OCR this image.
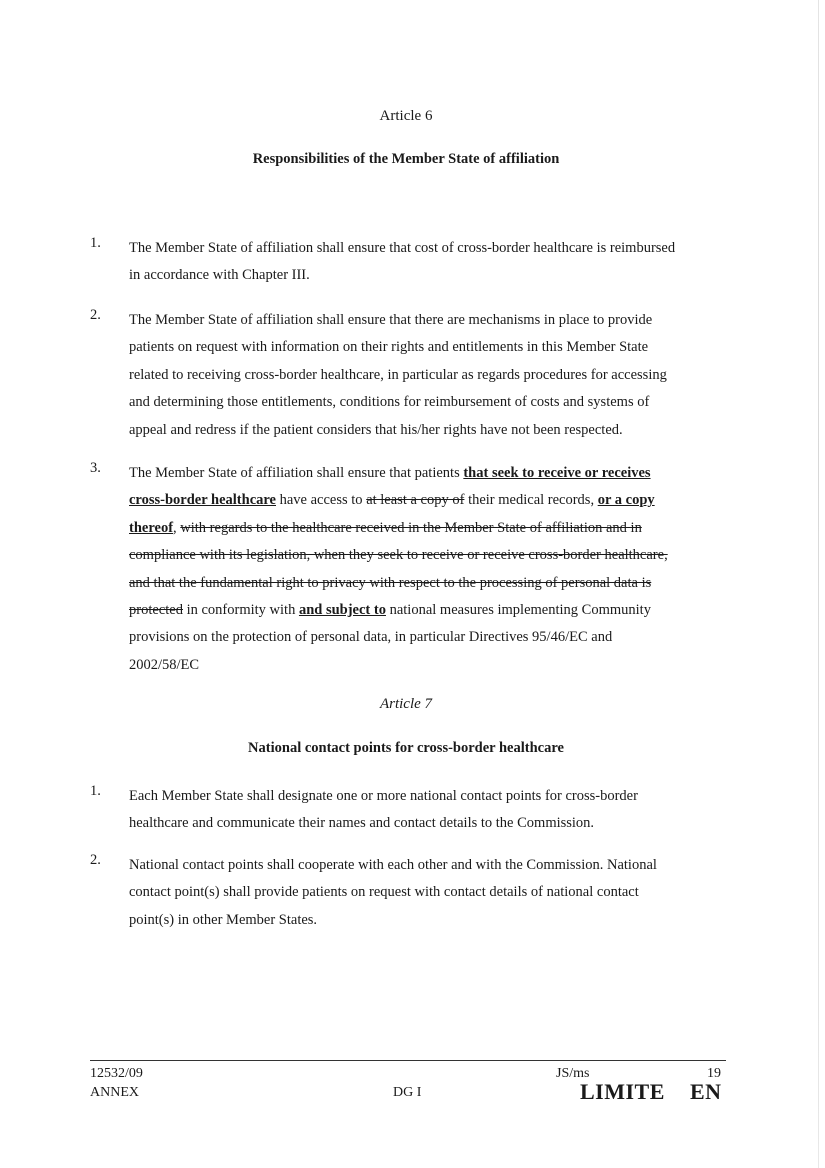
Article 6
Responsibilities of the Member State of affiliation
1. The Member State of affiliation shall ensure that cost of cross-border healthcare is reimbursed
in accordance with Chapter III.
2. The Member State of affiliation shall ensure that there are mechanisms in place to provide
patients on request with information on their rights and entitlements in this Member State
related to receiving cross-border healthcare, in particular as regards procedures for accessing
and determining those entitlements, conditions for reimbursement of costs and systems of
appeal and redress if the patient considers that his/her rights have not been respected.
3. The Member State of affiliation shall ensure that patients that seek to receive or receives
cross-border healthcare have access to at least a copy of their medical records, or a copy
thereof, with regards to the healthcare received in the Member State of affiliation and in
compliance with its legislation, when they seek to receive or receive cross-border healthcare,
and that the fundamental right to privacy with respect to the processing of personal data is
protected in conformity with and subject to national measures implementing Community
provisions on the protection of personal data, in particular Directives 95/46/EC and
2002/58/EC
Article 7
National contact points for cross-border healthcare
1. Each Member State shall designate one or more national contact points for cross-border
healthcare and communicate their names and contact details to the Commission.
2. National contact points shall cooperate with each other and with the Commission. National
contact point(s) shall provide patients on request with contact details of national contact
point(s) in other Member States.
12532/09
ANNEX	DG I
JS/ms	19
LIMITE EN
